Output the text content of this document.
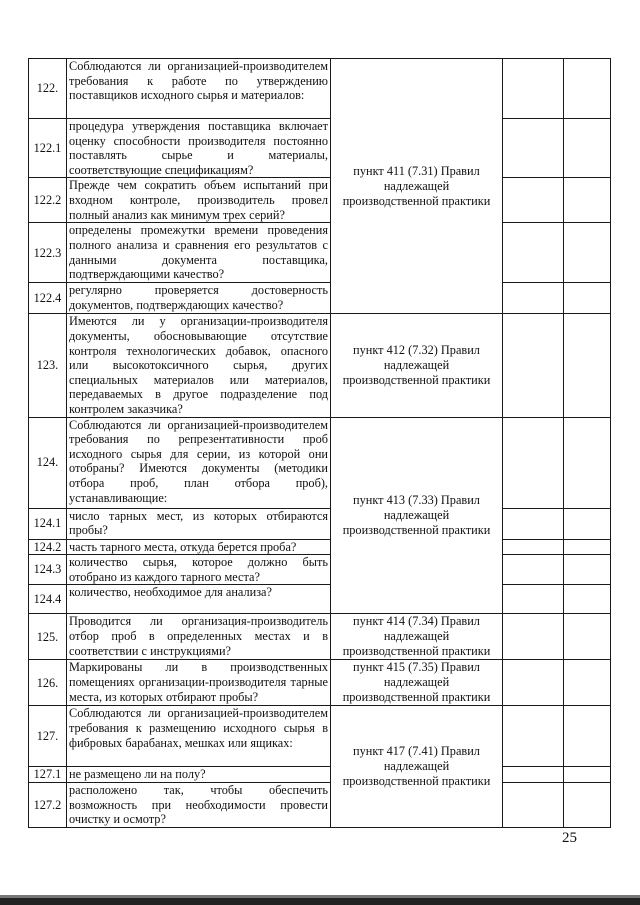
122.	Соблюдаются ли организацией-производителем требования к работе по утверждению поставщиков исходного сырья и материалов:	пункт 411 (7.31) Правил надлежащей производственной практики		
122.1	процедура утверждения поставщика включает оценку способности производителя постоянно поставлять сырье и материалы, соответствующие спецификациям?			
122.2	Прежде чем сократить объем испытаний при входном контроле, производитель провел полный анализ как минимум трех серий?			
122.3	определены промежутки времени проведения полного анализа и сравнения его результатов с данными документа поставщика, подтверждающими качество?			
122.4	регулярно проверяется достоверность документов, подтверждающих качество?			
123.	Имеются ли у организации-производителя документы, обосновывающие отсутствие контроля технологических добавок, опасного или высокотоксичного сырья, других специальных материалов или материалов, передаваемых в другое подразделение под контролем заказчика?	пункт 412 (7.32) Правил надлежащей производственной практики		
124.	Соблюдаются ли организацией-производителем требования по репрезентативности проб исходного сырья для серии, из которой они отобраны? Имеются документы (методики отбора проб, план отбора проб), устанавливающие:	пункт 413 (7.33) Правил надлежащей производственной практики		
124.1	число тарных мест, из которых отбираются пробы?			
124.2	часть тарного места, откуда берется проба?			
124.3	количество сырья, которое должно быть отобрано из каждого тарного места?			
124.4	количество, необходимое для анализа?			
125.	Проводится ли организация-производитель отбор проб в определенных местах и в соответствии с инструкциями?	пункт 414 (7.34) Правил надлежащей производственной практики		
126.	Маркированы ли в производственных помещениях организации-производителя тарные места, из которых отбирают пробы?	пункт 415 (7.35) Правил надлежащей производственной практики		
127.	Соблюдаются ли организацией-производителем требования к размещению исходного сырья в фибровых барабанах, мешках или ящиках:	пункт 417 (7.41) Правил надлежащей производственной практики		
127.1	не размещено ли на полу?			
127.2	расположено так, чтобы обеспечить возможность при необходимости провести очистку и осмотр?			
25
